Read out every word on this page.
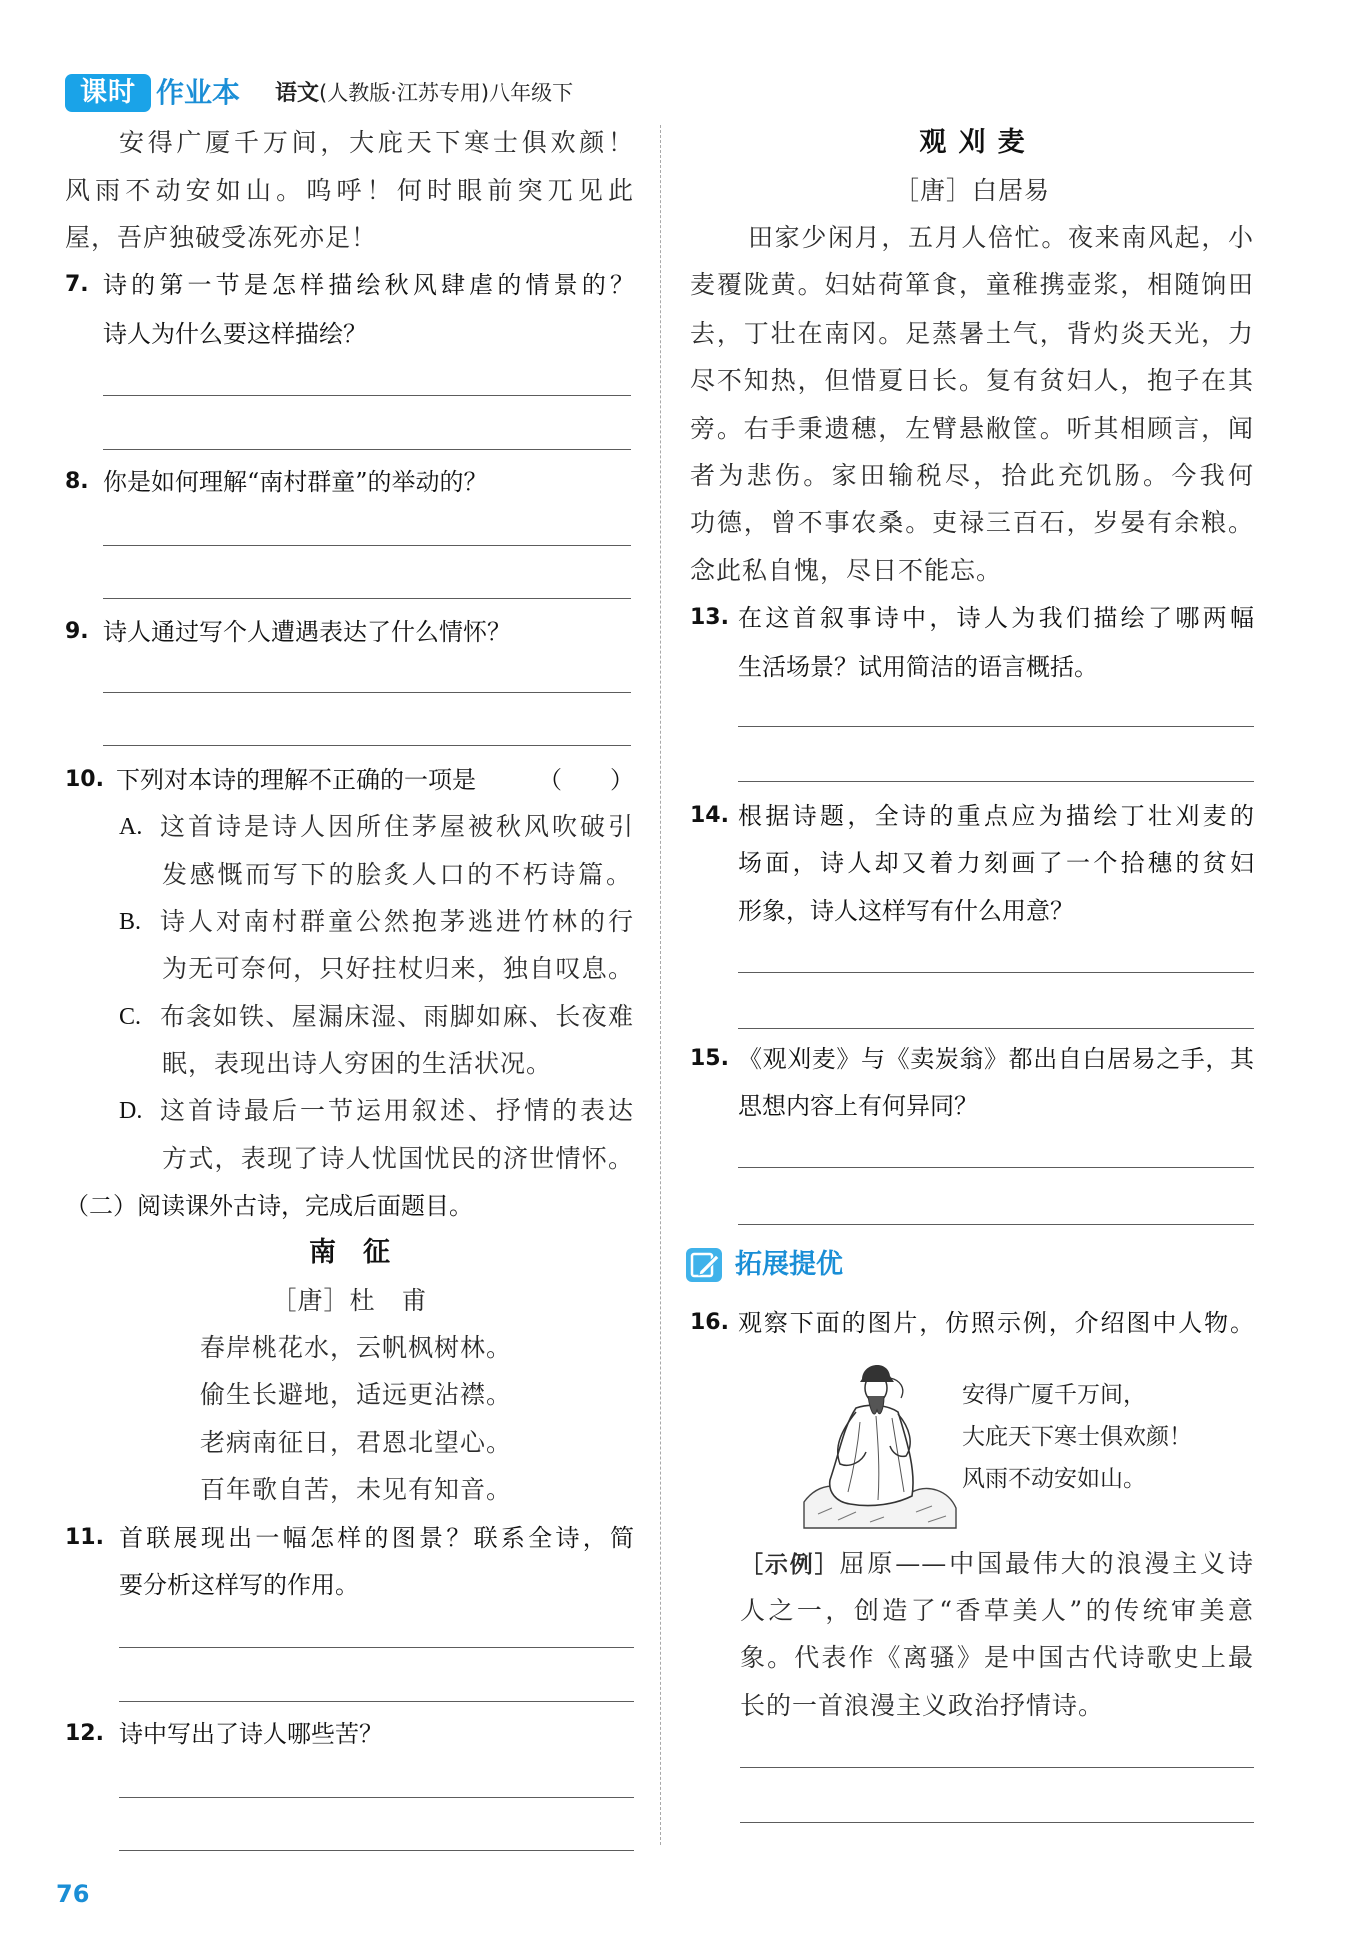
课时 作业本 语文(人教版·江苏专用)八年级下
安得广厦千万间，大庇天下寒士俱欢颜！
风雨不动安如山。呜呼！何时眼前突兀见此
屋，吾庐独破受冻死亦足！
7. 诗的第一节是怎样描绘秋风肆虐的情景的？
诗人为什么要这样描绘？
8. 你是如何理解“南村群童”的举动的？
9. 诗人通过写个人遭遇表达了什么情怀？
10. 下列对本诗的理解不正确的一项是	（　　）
A. 这首诗是诗人因所住茅屋被秋风吹破引
发感慨而写下的脍炙人口的不朽诗篇。
B. 诗人对南村群童公然抱茅逃进竹林的行
为无可奈何，只好拄杖归来，独自叹息。
C. 布衾如铁、屋漏床湿、雨脚如麻、长夜难
眠，表现出诗人穷困的生活状况。
D. 这首诗最后一节运用叙述、抒情的表达
方式，表现了诗人忧国忧民的济世情怀。
（二）阅读课外古诗，完成后面题目。
南　征
［唐］杜　甫
春岸桃花水，云帆枫树林。
偷生长避地，适远更沾襟。
老病南征日，君恩北望心。
百年歌自苦，未见有知音。
11. 首联展现出一幅怎样的图景？联系全诗，简
要分析这样写的作用。
12. 诗中写出了诗人哪些苦？
观刈麦
［唐］白居易
田家少闲月，五月人倍忙。夜来南风起，小
麦覆陇黄。妇姑荷箪食，童稚携壶浆，相随饷田
去，丁壮在南冈。足蒸暑土气，背灼炎天光，力
尽不知热，但惜夏日长。复有贫妇人，抱子在其
旁。右手秉遗穗，左臂悬敝筐。听其相顾言，闻
者为悲伤。家田输税尽，拾此充饥肠。今我何
功德，曾不事农桑。吏禄三百石，岁晏有余粮。
念此私自愧，尽日不能忘。
13. 在这首叙事诗中，诗人为我们描绘了哪两幅
生活场景？试用简洁的语言概括。
14. 根据诗题，全诗的重点应为描绘丁壮刈麦的
场面，诗人却又着力刻画了一个拾穗的贫妇
形象，诗人这样写有什么用意？
15. 《观刈麦》与《卖炭翁》都出自白居易之手，其
思想内容上有何异同？
拓展提优
16. 观察下面的图片，仿照示例，介绍图中人物。
安得广厦千万间，
大庇天下寒士俱欢颜！
风雨不动安如山。
［示例］屈原——中国最伟大的浪漫主义诗
人之一，创造了“香草美人”的传统审美意
象。代表作《离骚》是中国古代诗歌史上最
长的一首浪漫主义政治抒情诗。
76
